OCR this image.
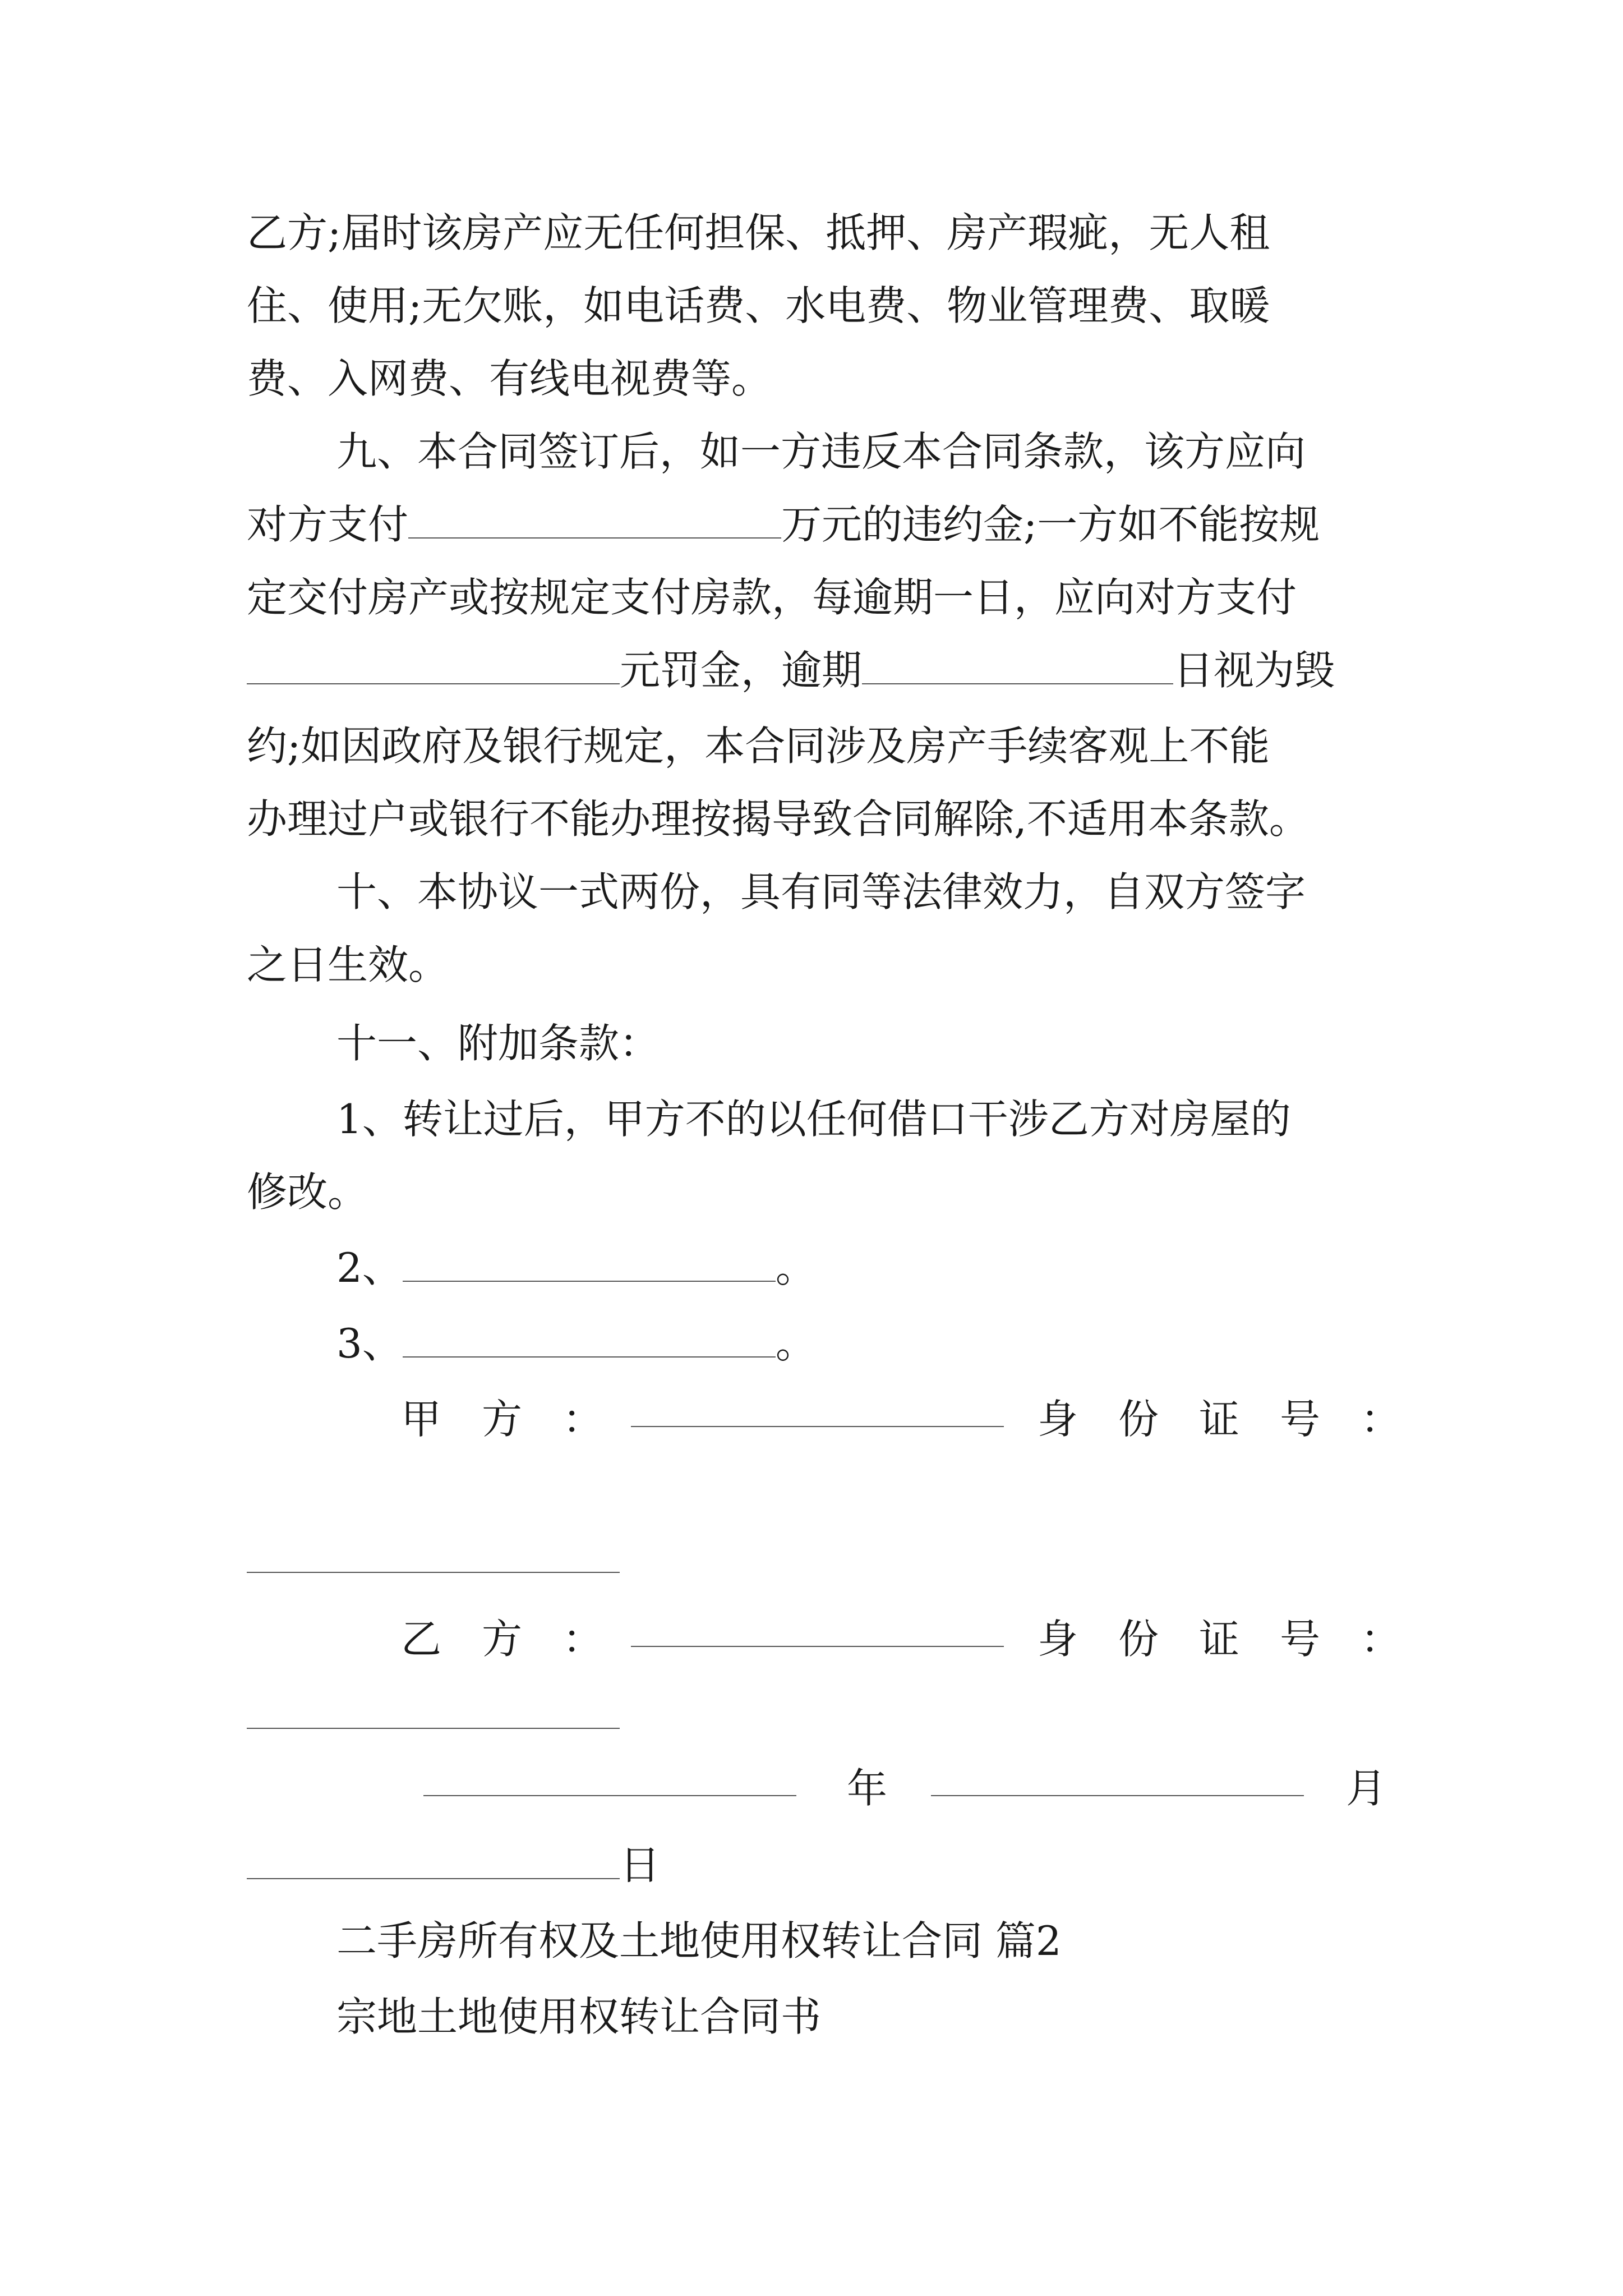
乙方;届时该房产应无任何担保、抵押、房产瑕疵，无人租
住、使用;无欠账，如电话费、水电费、物业管理费、取暖
费、入网费、有线电视费等。
九、本合同签订后，如一方违反本合同条款，该方应向
对方支付	万元的违约金;一方如不能按规
定交付房产或按规定支付房款，每逾期一日，应向对方支付
元罚金，逾期	日视为毁
约;如因政府及银行规定，本合同涉及房产手续客观上不能
办理过户或银行不能办理按揭导致合同解除,不适用本条款。
十、本协议一式两份，具有同等法律效力，自双方签字
之日生效。
十一、附加条款：
1、转让过后，甲方不的以任何借口干涉乙方对房屋的
修改。
2、	。
3、	。
甲　方　：	身　份　证　号　：
乙　方　：	身　份　证　号　：
年	月
日
二手房所有权及土地使用权转让合同 篇2
宗地土地使用权转让合同书
